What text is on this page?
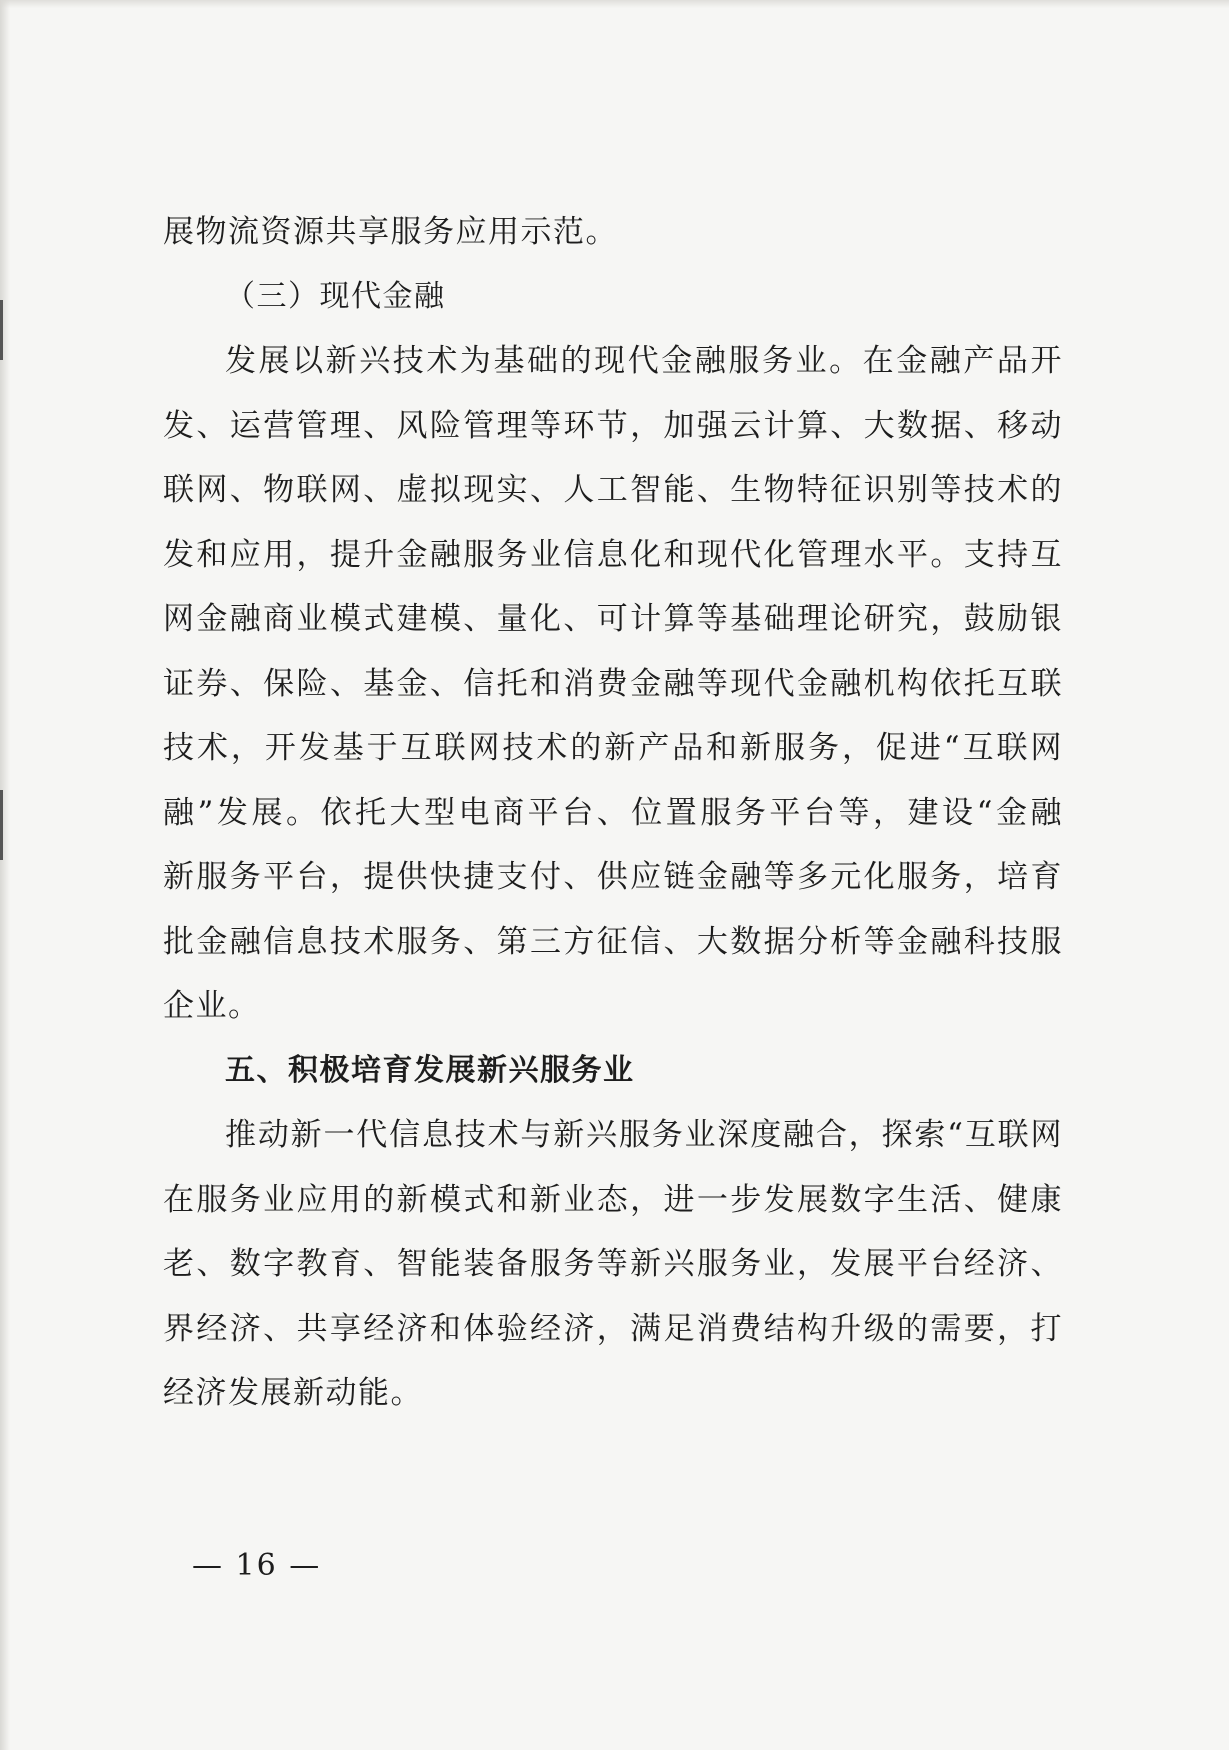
展物流资源共享服务应用示范。
（三）现代金融
发展以新兴技术为基础的现代金融服务业。在金融产品开
发、运营管理、风险管理等环节，加强云计算、大数据、移动
联网、物联网、虚拟现实、人工智能、生物特征识别等技术的
发和应用，提升金融服务业信息化和现代化管理水平。支持互
网金融商业模式建模、量化、可计算等基础理论研究，鼓励银
证券、保险、基金、信托和消费金融等现代金融机构依托互联
技术，开发基于互联网技术的新产品和新服务，促进“互联网
融”发展。依托大型电商平台、位置服务平台等，建设“金融
新服务平台，提供快捷支付、供应链金融等多元化服务，培育
批金融信息技术服务、第三方征信、大数据分析等金融科技服
企业。
五、积极培育发展新兴服务业
推动新一代信息技术与新兴服务业深度融合，探索“互联网
在服务业应用的新模式和新业态，进一步发展数字生活、健康
老、数字教育、智能装备服务等新兴服务业，发展平台经济、
界经济、共享经济和体验经济，满足消费结构升级的需要，打
经济发展新动能。
— 16 —
